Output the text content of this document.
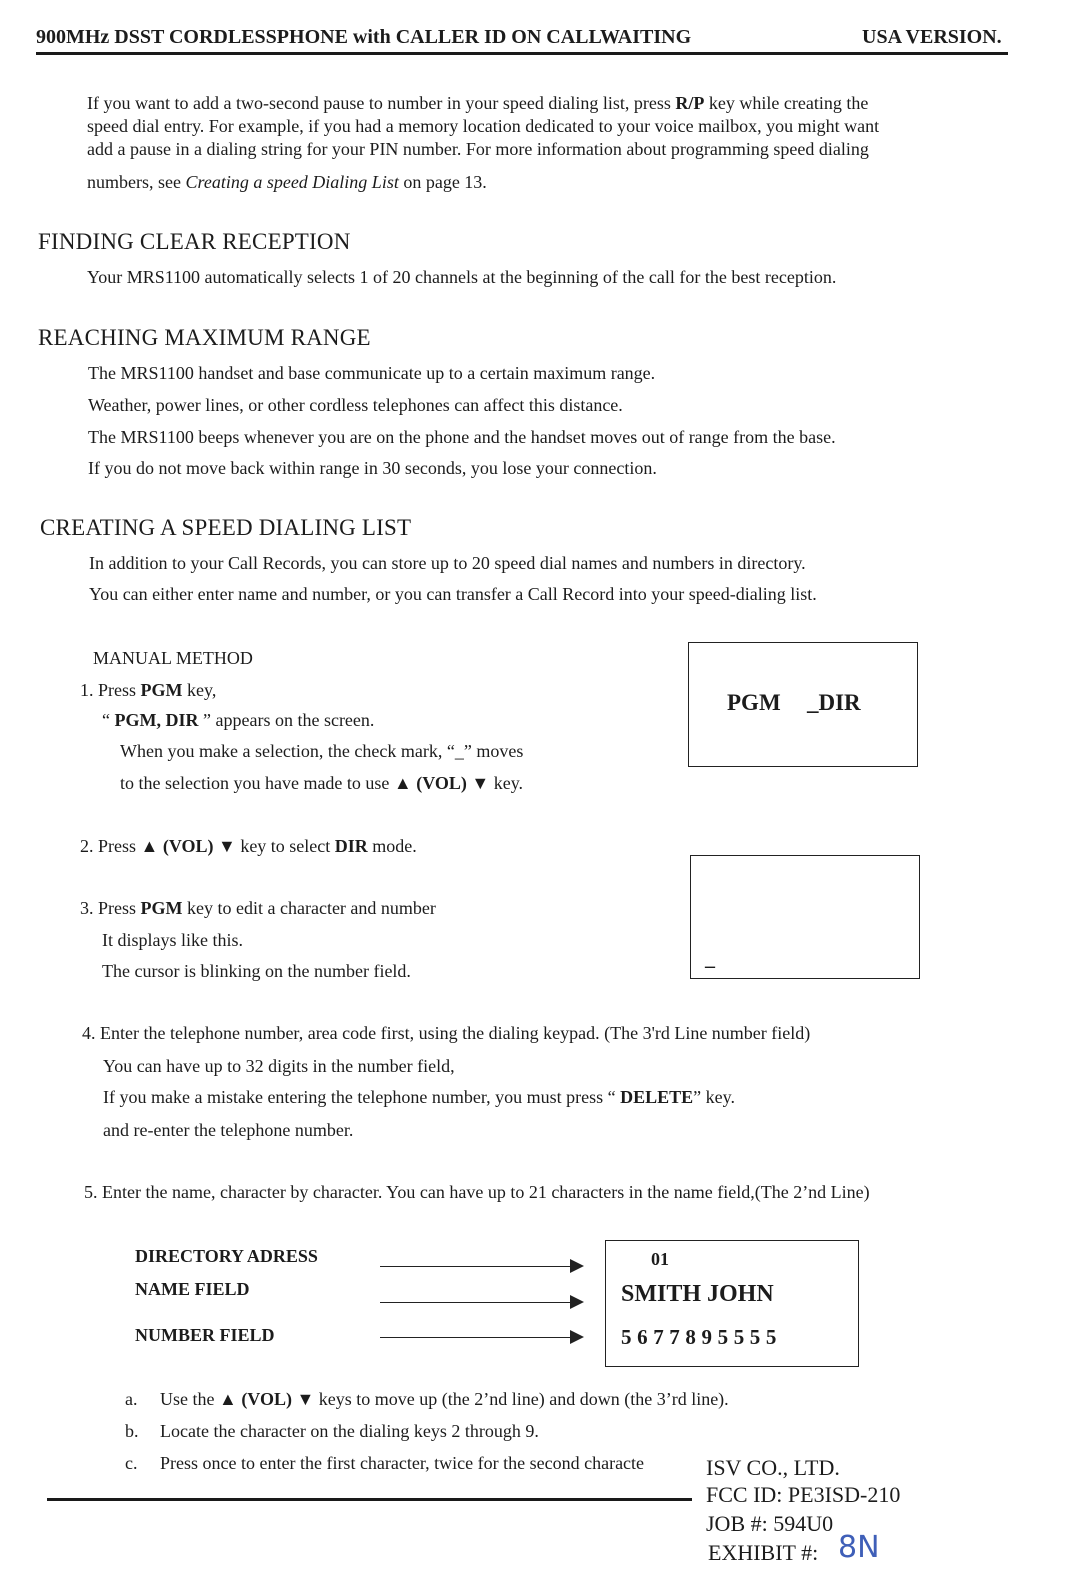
900MHz DSST CORDLESSPHONE with CALLER ID ON CALLWAITING	USA VERSION.
If you want to add a two-second pause to number in your speed dialing list, press R/P key while creating the
speed dial entry. For example, if you had a memory location dedicated to your voice mailbox, you might want
add a pause in a dialing string for your PIN number. For more information about programming speed dialing
numbers, see Creating a speed Dialing List on page 13.
FINDING CLEAR RECEPTION
Your MRS1100 automatically selects 1 of 20 channels at the beginning of the call for the best reception.
REACHING MAXIMUM RANGE
The MRS1100 handset and base communicate up to a certain maximum range.
Weather, power lines, or other cordless telephones can affect this distance.
The MRS1100 beeps whenever you are on the phone and the handset moves out of range from the base.
If you do not move back within range in 30 seconds, you lose your connection.
CREATING A SPEED DIALING LIST
In addition to your Call Records, you can store up to 20 speed dial names and numbers in directory.
You can either enter name and number, or you can transfer a Call Record into your speed-dialing list.
MANUAL METHOD
1. Press PGM key,
“ PGM, DIR ” appears on the screen.
When you make a selection, the check mark, “_” moves
to the selection you have made to use ▲ (VOL) ▼ key.
PGM _DIR
2. Press ▲ (VOL) ▼ key to select DIR mode.
3. Press PGM key to edit a character and number
It displays like this.
The cursor is blinking on the number field.
_
4. Enter the telephone number, area code first, using the dialing keypad. (The 3'rd Line number field)
You can have up to 32 digits in the number field,
If you make a mistake entering the telephone number, you must press “ DELETE” key.
and re-enter the telephone number.
5. Enter the name, character by character. You can have up to 21 characters in the name field,(The 2’nd Line)
DIRECTORY ADRESS
NAME FIELD
NUMBER FIELD
01
SMITH JOHN
5677895555
a. Use the ▲ (VOL) ▼ keys to move up (the 2’nd line) and down (the 3’rd line).
b. Locate the character on the dialing keys 2 through 9.
c. Press once to enter the first character, twice for the second characte	ISV CO., LTD.
FCC ID: PE3ISD-210
JOB #: 594U0
EXHIBIT #: 8N
